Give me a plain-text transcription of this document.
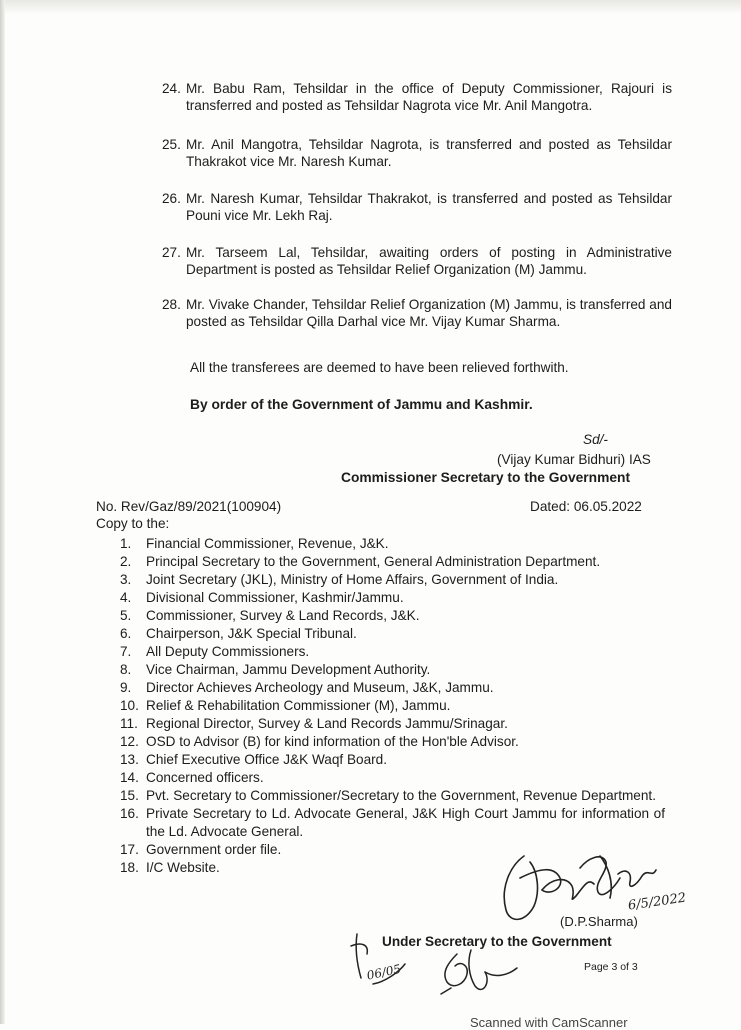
24. Mr. Babu Ram, Tehsildar in the office of Deputy Commissioner, Rajouri is transferred and posted as Tehsildar Nagrota vice Mr. Anil Mangotra.
25. Mr. Anil Mangotra, Tehsildar Nagrota, is transferred and posted as Tehsildar Thakrakot vice Mr. Naresh Kumar.
26. Mr. Naresh Kumar, Tehsildar Thakrakot, is transferred and posted as Tehsildar Pouni vice Mr. Lekh Raj.
27. Mr. Tarseem Lal, Tehsildar, awaiting orders of posting in Administrative Department is posted as Tehsildar Relief Organization (M) Jammu.
28. Mr. Vivake Chander, Tehsildar Relief Organization (M) Jammu, is transferred and posted as Tehsildar Qilla Darhal vice Mr. Vijay Kumar Sharma.
All the transferees are deemed to have been relieved forthwith.
By order of the Government of Jammu and Kashmir.
Sd/-
(Vijay Kumar Bidhuri) IAS
Commissioner Secretary to the Government
No. Rev/Gaz/89/2021(100904)	Dated: 06.05.2022
Copy to the:
1. Financial Commissioner, Revenue, J&K.
2. Principal Secretary to the Government, General Administration Department.
3. Joint Secretary (JKL), Ministry of Home Affairs, Government of India.
4. Divisional Commissioner, Kashmir/Jammu.
5. Commissioner, Survey & Land Records, J&K.
6. Chairperson, J&K Special Tribunal.
7. All Deputy Commissioners.
8. Vice Chairman, Jammu Development Authority.
9. Director Achieves Archeology and Museum, J&K, Jammu.
10. Relief & Rehabilitation Commissioner (M), Jammu.
11. Regional Director, Survey & Land Records Jammu/Srinagar.
12. OSD to Advisor (B) for kind information of the Hon'ble Advisor.
13. Chief Executive Office J&K Waqf Board.
14. Concerned officers.
15. Pvt. Secretary to Commissioner/Secretary to the Government, Revenue Department.
16. Private Secretary to Ld. Advocate General, J&K High Court Jammu for information of the Ld. Advocate General.
17. Government order file.
18. I/C Website.
6/5/2022
(D.P.Sharma)
Under Secretary to the Government
06/05	Page 3 of 3
Scanned with CamScanner
